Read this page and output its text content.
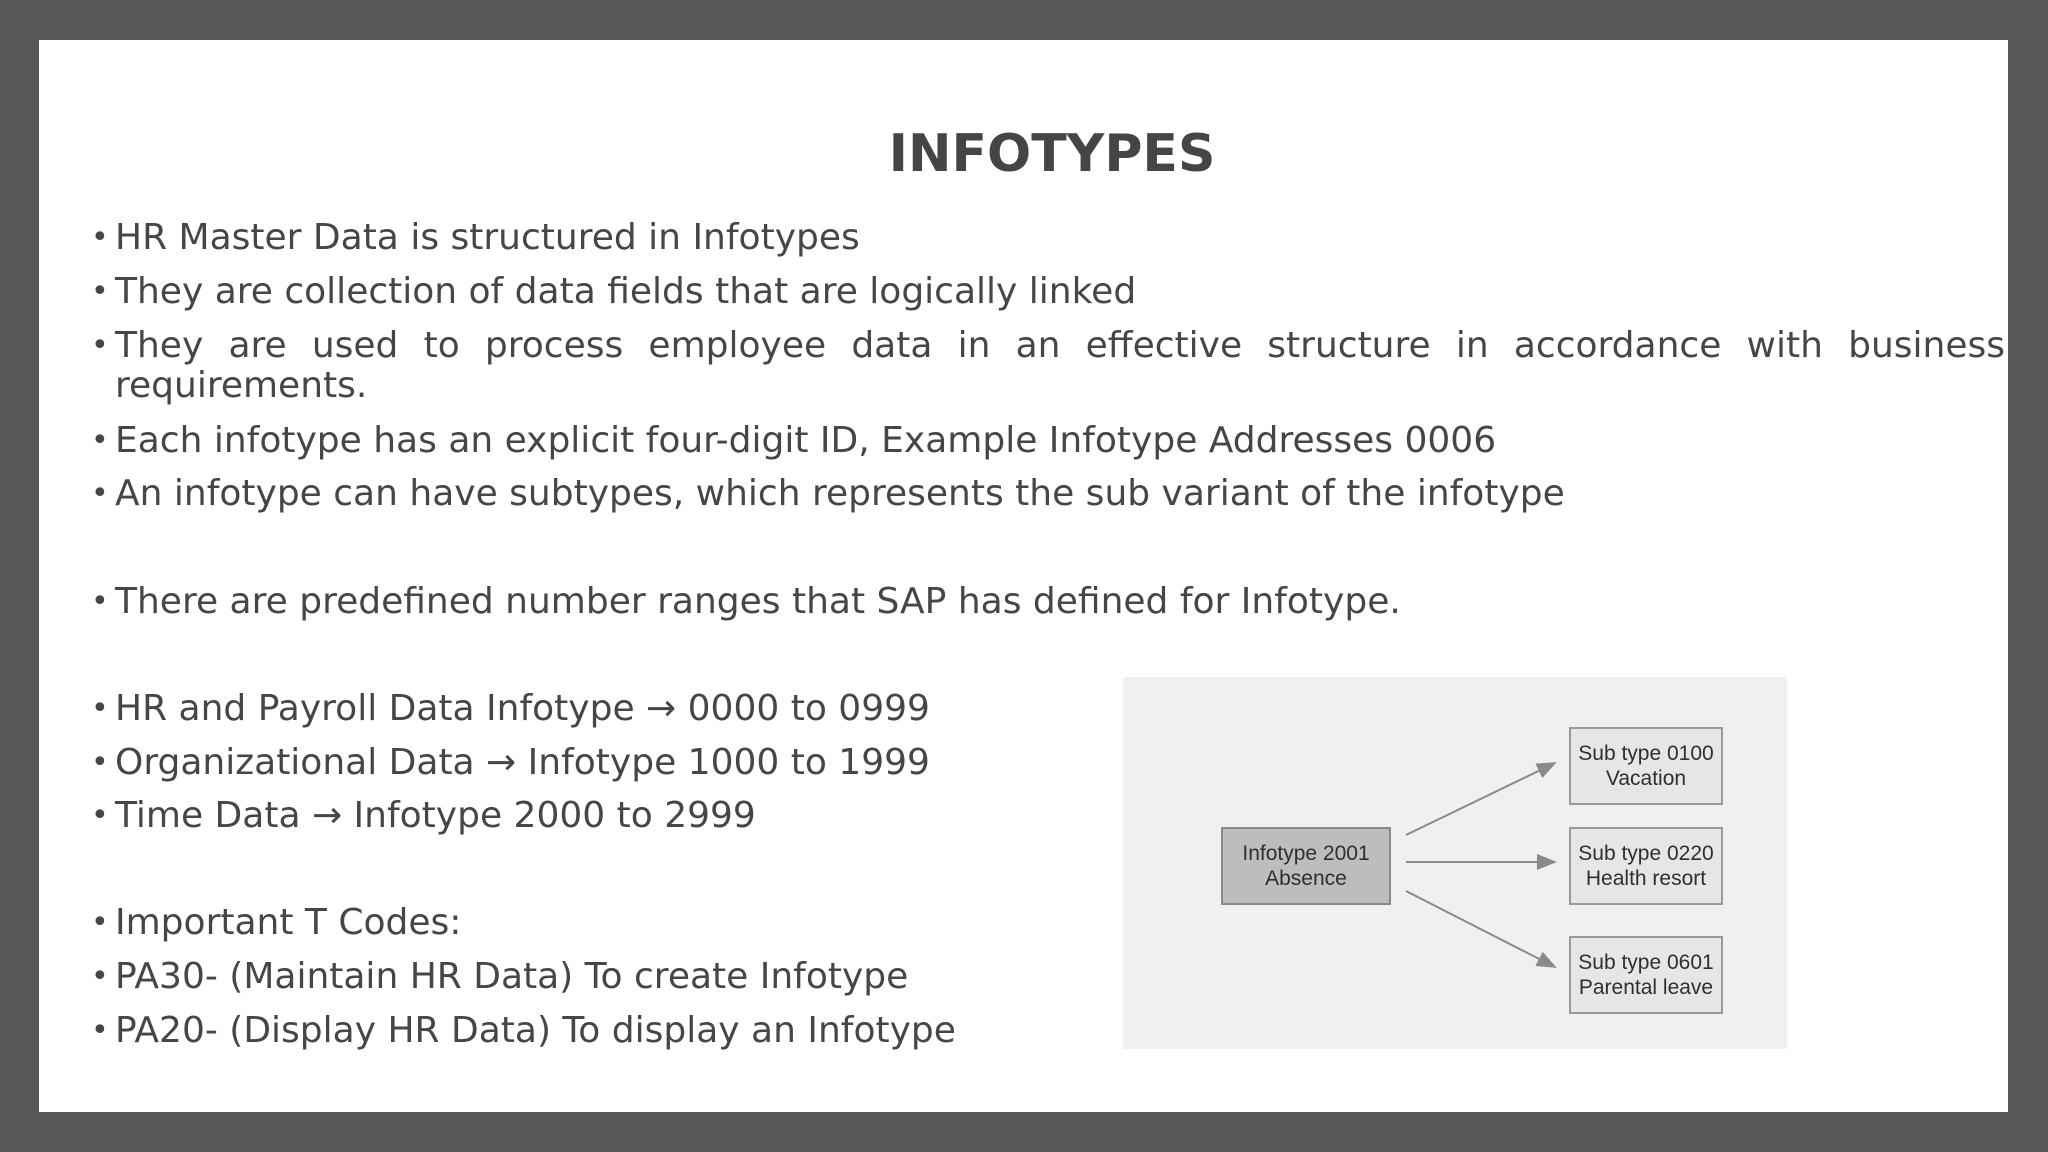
INFOTYPES
• HR Master Data is structured in Infotypes
• They are collection of data fields that are logically linked
• They are used to process employee data in an effective structure in accordance with business requirements.
• Each infotype has an explicit four-digit ID, Example Infotype Addresses 0006
• An infotype can have subtypes, which represents the sub variant of the infotype
• There are predefined number ranges that SAP has defined for Infotype.
• HR and Payroll Data Infotype → 0000 to 0999
• Organizational Data → Infotype 1000 to 1999
• Time Data → Infotype 2000 to 2999
• Important T Codes:
• PA30- (Maintain HR Data) To create Infotype
• PA20- (Display HR Data) To display an Infotype
Infotype 2001
Absence
Sub type 0100
Vacation
Sub type 0220
Health resort
Sub type 0601
Parental leave
